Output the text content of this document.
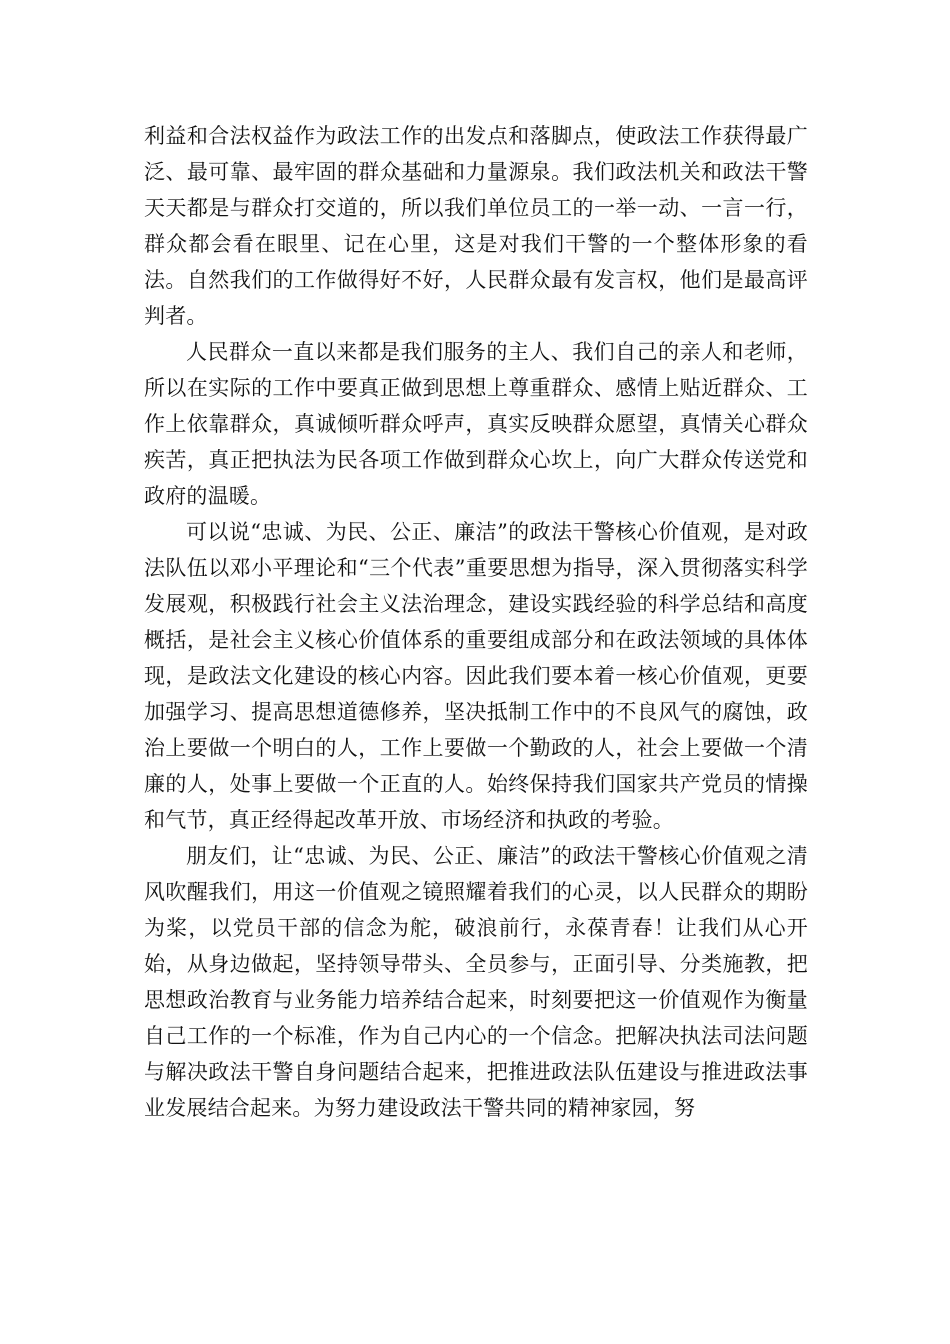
利益和合法权益作为政法工作的出发点和落脚点，使政法工作获得最广泛、最可靠、最牢固的群众基础和力量源泉。我们政法机关和政法干警天天都是与群众打交道的，所以我们单位员工的一举一动、一言一行，群众都会看在眼里、记在心里，这是对我们干警的一个整体形象的看法。自然我们的工作做得好不好，人民群众最有发言权，他们是最高评判者。

人民群众一直以来都是我们服务的主人、我们自己的亲人和老师，所以在实际的工作中要真正做到思想上尊重群众、感情上贴近群众、工作上依靠群众，真诚倾听群众呼声，真实反映群众愿望，真情关心群众疾苦，真正把执法为民各项工作做到群众心坎上，向广大群众传送党和政府的温暖。

可以说“忠诚、为民、公正、廉洁”的政法干警核心价值观，是对政法队伍以邓小平理论和“三个代表”重要思想为指导，深入贯彻落实科学发展观，积极践行社会主义法治理念，建设实践经验的科学总结和高度概括，是社会主义核心价值体系的重要组成部分和在政法领域的具体体现，是政法文化建设的核心内容。因此我们要本着一核心价值观，更要加强学习、提高思想道德修养，坚决抵制工作中的不良风气的腐蚀，政治上要做一个明白的人，工作上要做一个勤政的人，社会上要做一个清廉的人，处事上要做一个正直的人。始终保持我们国家共产党员的情操和气节，真正经得起改革开放、市场经济和执政的考验。

朋友们，让“忠诚、为民、公正、廉洁”的政法干警核心价值观之清风吹醒我们，用这一价值观之镜照耀着我们的心灵，以人民群众的期盼为桨，以党员干部的信念为舵，破浪前行，永葆青春！让我们从心开始，从身边做起，坚持领导带头、全员参与，正面引导、分类施教，把思想政治教育与业务能力培养结合起来，时刻要把这一价值观作为衡量自己工作的一个标准，作为自己内心的一个信念。把解决执法司法问题与解决政法干警自身问题结合起来，把推进政法队伍建设与推进政法事业发展结合起来。为努力建设政法干警共同的精神家园，努
